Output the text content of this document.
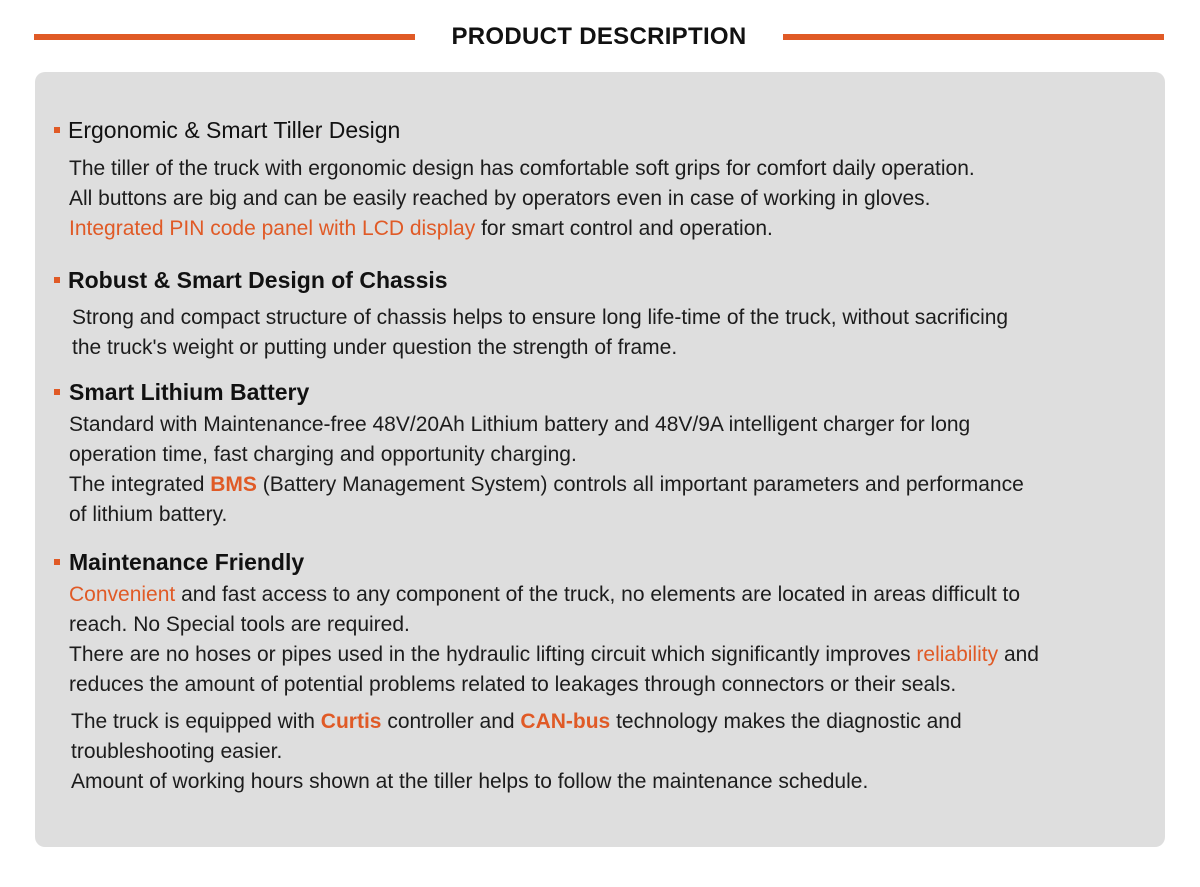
PRODUCT DESCRIPTION
Ergonomic & Smart Tiller Design
The tiller of the truck with ergonomic design has comfortable soft grips for comfort daily operation.
All buttons are big and can be easily reached by operators even in case of working in gloves.
Integrated PIN code panel with LCD display for smart control and operation.
Robust & Smart Design of Chassis
Strong and compact structure of chassis helps to ensure long life-time of the truck, without sacrificing
the truck's weight or putting under question the strength of frame.
Smart Lithium Battery
Standard with Maintenance-free 48V/20Ah Lithium battery and 48V/9A intelligent charger for long
operation time, fast charging and opportunity charging.
The integrated BMS (Battery Management System) controls all important parameters and performance
of lithium battery.
Maintenance Friendly
Convenient and fast access to any component of the truck, no elements are located in areas difficult to
reach. No Special tools are required.
There are no hoses or pipes used in the hydraulic lifting circuit which significantly improves reliability and
reduces the amount of potential problems related to leakages through connectors or their seals.
The truck is equipped with Curtis controller and CAN-bus technology makes the diagnostic and
troubleshooting easier.
Amount of working hours shown at the tiller helps to follow the maintenance schedule.
